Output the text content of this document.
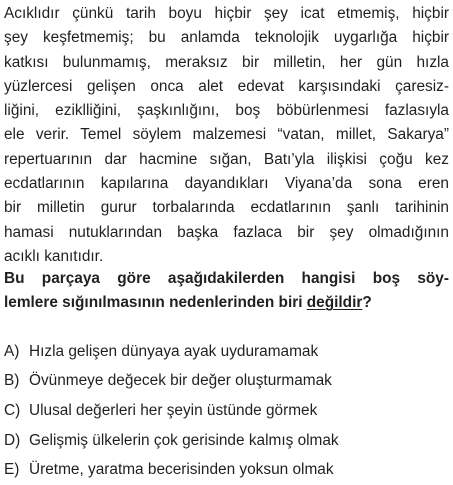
Acıklıdır çünkü tarih boyu hiçbir şey icat etmemiş, hiçbir
şey keşfetmemiş; bu anlamda teknolojik uygarlığa hiçbir
katkısı bulunmamış, meraksız bir milletin, her gün hızla
yüzlercesi gelişen onca alet edevat karşısındaki çaresiz-
liğini, eziklliğini, şaşkınlığını, boş böbürlenmesi fazlasıyla
ele verir. Temel söylem malzemesi “vatan, millet, Sakarya”
repertuarının dar hacmine sığan, Batı’yla ilişkisi çoğu kez
ecdatlarının kapılarına dayandıkları Viyana’da sona eren
bir milletin gurur torbalarında ecdatlarının şanlı tarihinin
hamasi nutuklarından başka fazlaca bir şey olmadığının
acıklı kanıtıdır.
Bu parçaya göre aşağıdakilerden hangisi boş söy-
lemlere sığınılmasının nedenlerinden biri değildir?
A) Hızla gelişen dünyaya ayak uyduramamak
B) Övünmeye değecek bir değer oluşturmamak
C) Ulusal değerleri her şeyin üstünde görmek
D) Gelişmiş ülkelerin çok gerisinde kalmış olmak
E) Üretme, yaratma becerisinden yoksun olmak
